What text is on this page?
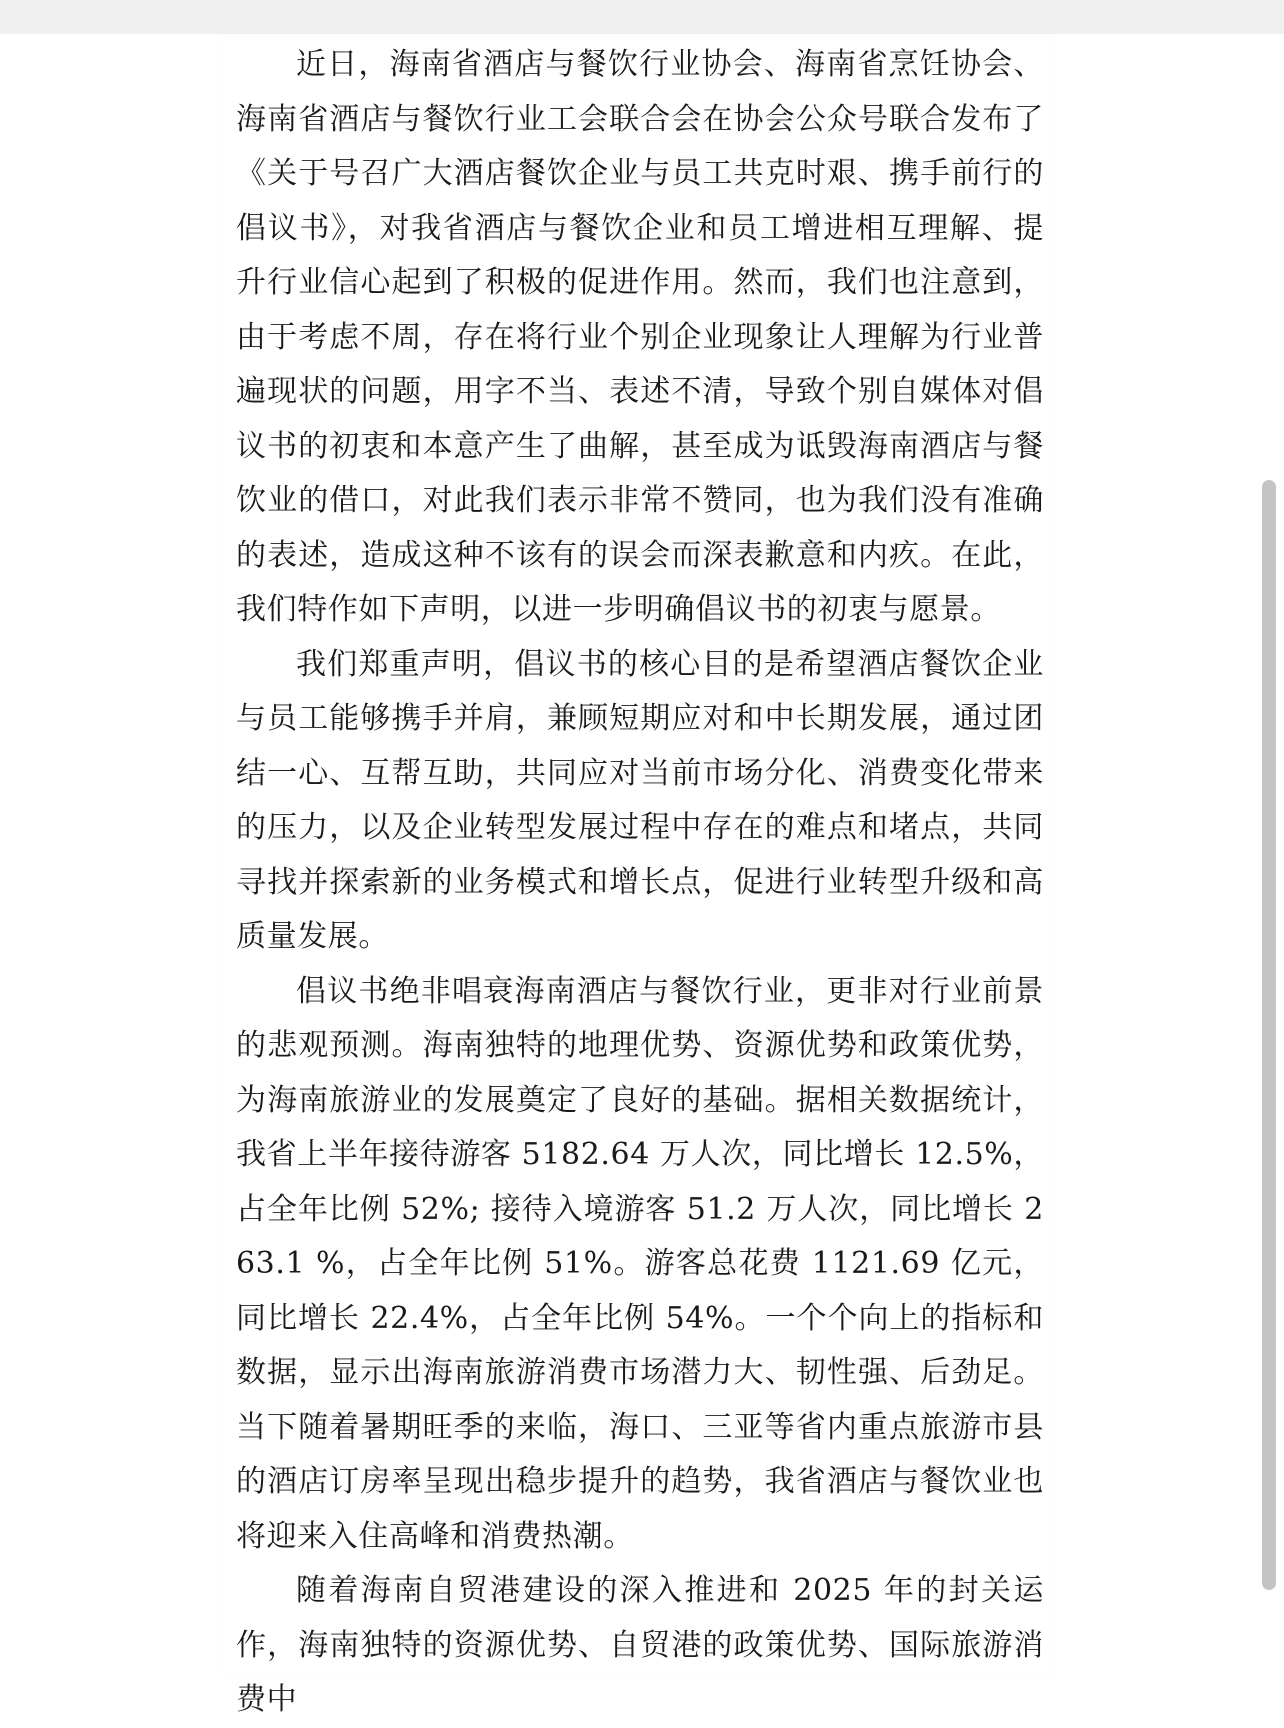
近日，海南省酒店与餐饮行业协会、海南省烹饪协会、海南省酒店与餐饮行业工会联合会在协会公众号联合发布了《关于号召广大酒店餐饮企业与员工共克时艰、携手前行的倡议书》，对我省酒店与餐饮企业和员工增进相互理解、提升行业信心起到了积极的促进作用。然而，我们也注意到，由于考虑不周，存在将行业个别企业现象让人理解为行业普遍现状的问题，用字不当、表述不清，导致个别自媒体对倡议书的初衷和本意产生了曲解，甚至成为诋毁海南酒店与餐饮业的借口，对此我们表示非常不赞同，也为我们没有准确的表述，造成这种不该有的误会而深表歉意和内疚。在此，我们特作如下声明，以进一步明确倡议书的初衷与愿景。

我们郑重声明，倡议书的核心目的是希望酒店餐饮企业与员工能够携手并肩，兼顾短期应对和中长期发展，通过团结一心、互帮互助，共同应对当前市场分化、消费变化带来的压力，以及企业转型发展过程中存在的难点和堵点，共同寻找并探索新的业务模式和增长点，促进行业转型升级和高质量发展。

倡议书绝非唱衰海南酒店与餐饮行业，更非对行业前景的悲观预测。海南独特的地理优势、资源优势和政策优势，为海南旅游业的发展奠定了良好的基础。据相关数据统计，我省上半年接待游客 5182.64 万人次，同比增长 12.5%，占全年比例 52%; 接待入境游客 51.2 万人次，同比增长 263.1 %，占全年比例 51%。游客总花费 1121.69 亿元，同比增长 22.4%，占全年比例 54%。一个个向上的指标和数据，显示出海南旅游消费市场潜力大、韧性强、后劲足。当下随着暑期旺季的来临，海口、三亚等省内重点旅游市县的酒店订房率呈现出稳步提升的趋势，我省酒店与餐饮业也将迎来入住高峰和消费热潮。

随着海南自贸港建设的深入推进和 2025 年的封关运作，海南独特的资源优势、自贸港的政策优势、国际旅游消费中
